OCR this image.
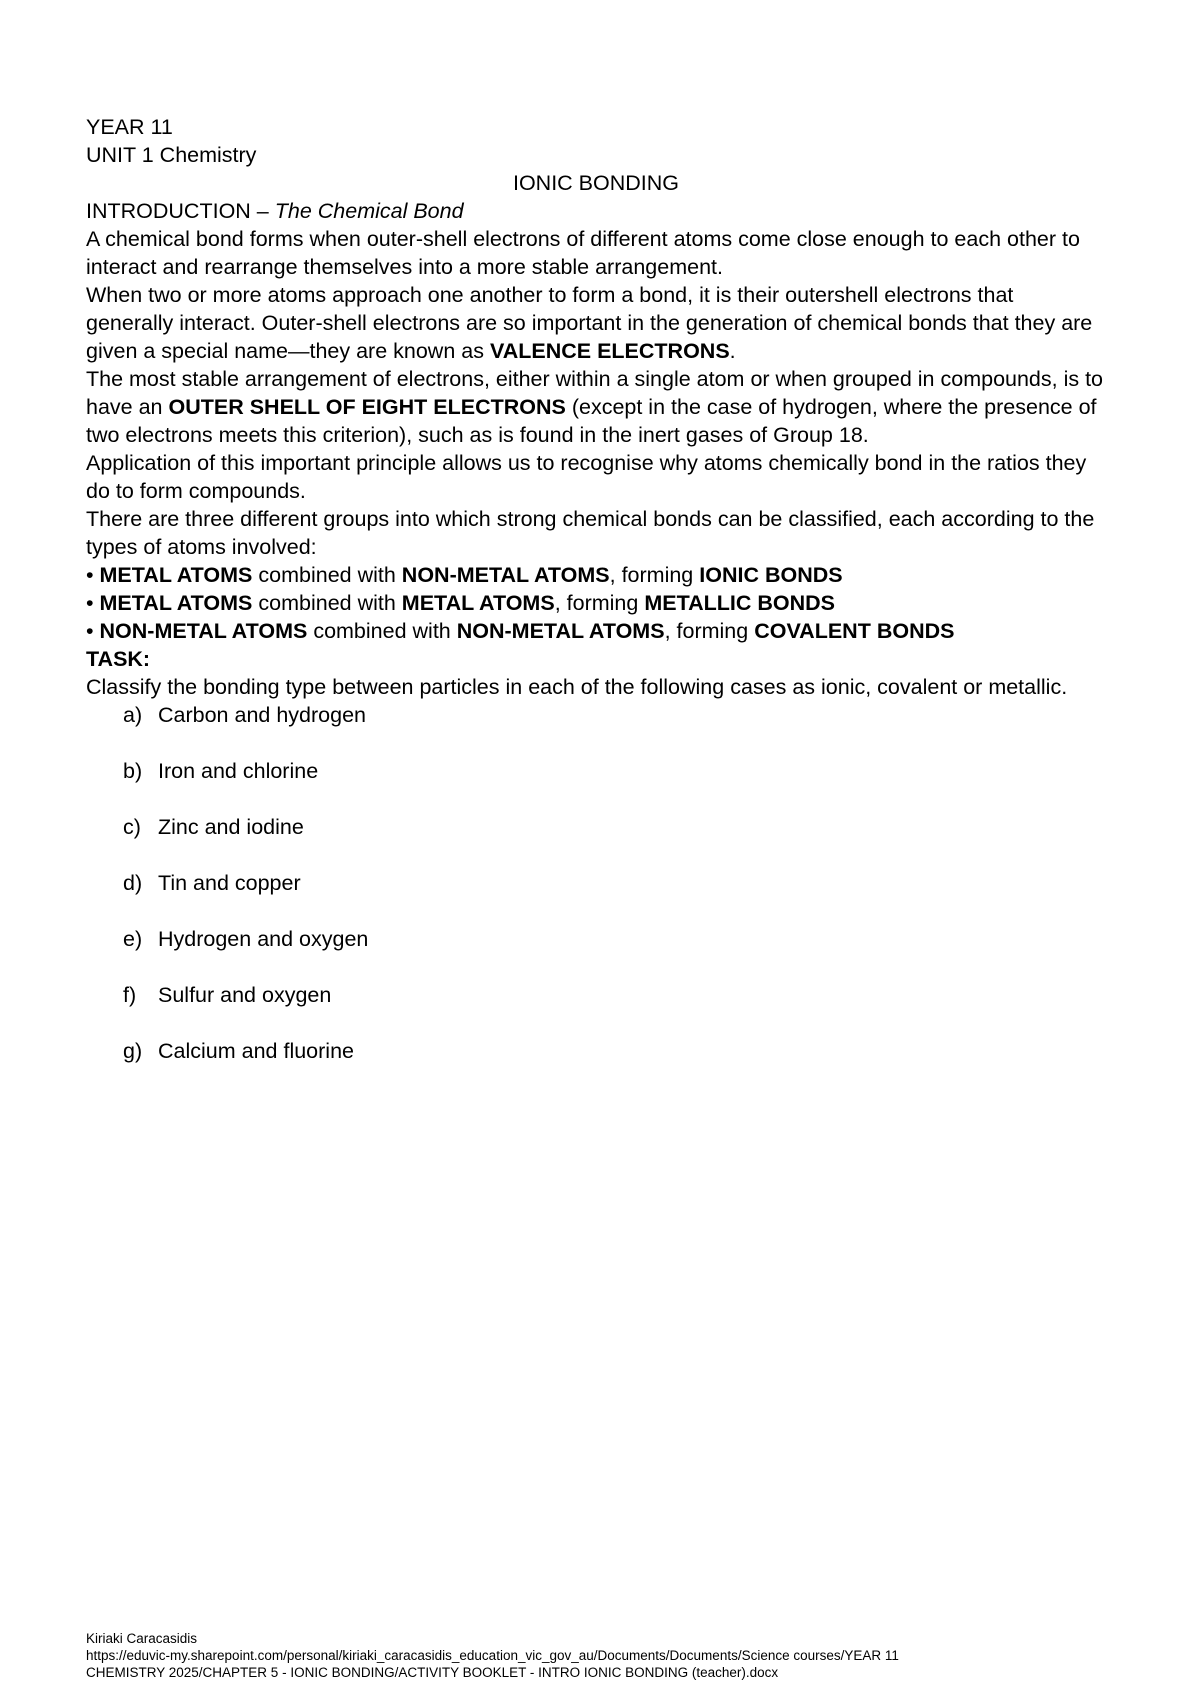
YEAR 11

UNIT 1 Chemistry

IONIC BONDING

INTRODUCTION – The Chemical Bond

A chemical bond forms when outer-shell electrons of different atoms come close enough to each other to interact and rearrange themselves into a more stable arrangement.

When two or more atoms approach one another to form a bond, it is their outershell electrons that generally interact. Outer-shell electrons are so important in the generation of chemical bonds that they are given a special name—they are known as VALENCE ELECTRONS.

The most stable arrangement of electrons, either within a single atom or when grouped in compounds, is to have an OUTER SHELL OF EIGHT ELECTRONS (except in the case of hydrogen, where the presence of two electrons meets this criterion), such as is found in the inert gases of Group 18.

Application of this important principle allows us to recognise why atoms chemically bond in the ratios they do to form compounds.

There are three different groups into which strong chemical bonds can be classified, each according to the types of atoms involved:

• METAL ATOMS combined with NON-METAL ATOMS, forming IONIC BONDS

• METAL ATOMS combined with METAL ATOMS, forming METALLIC BONDS

• NON-METAL ATOMS combined with NON-METAL ATOMS, forming COVALENT BONDS

TASK:

Classify the bonding type between particles in each of the following cases as ionic, covalent or metallic.

a) Carbon and hydrogen
b) Iron and chlorine
c) Zinc and iodine
d) Tin and copper
e) Hydrogen and oxygen
f) Sulfur and oxygen
g) Calcium and fluorine

Kiriaki Caracasidis

https://eduvic-my.sharepoint.com/personal/kiriaki_caracasidis_education_vic_gov_au/Documents/Documents/Science courses/YEAR 11

CHEMISTRY 2025/CHAPTER 5 - IONIC BONDING/ACTIVITY BOOKLET - INTRO IONIC BONDING (teacher).docx
